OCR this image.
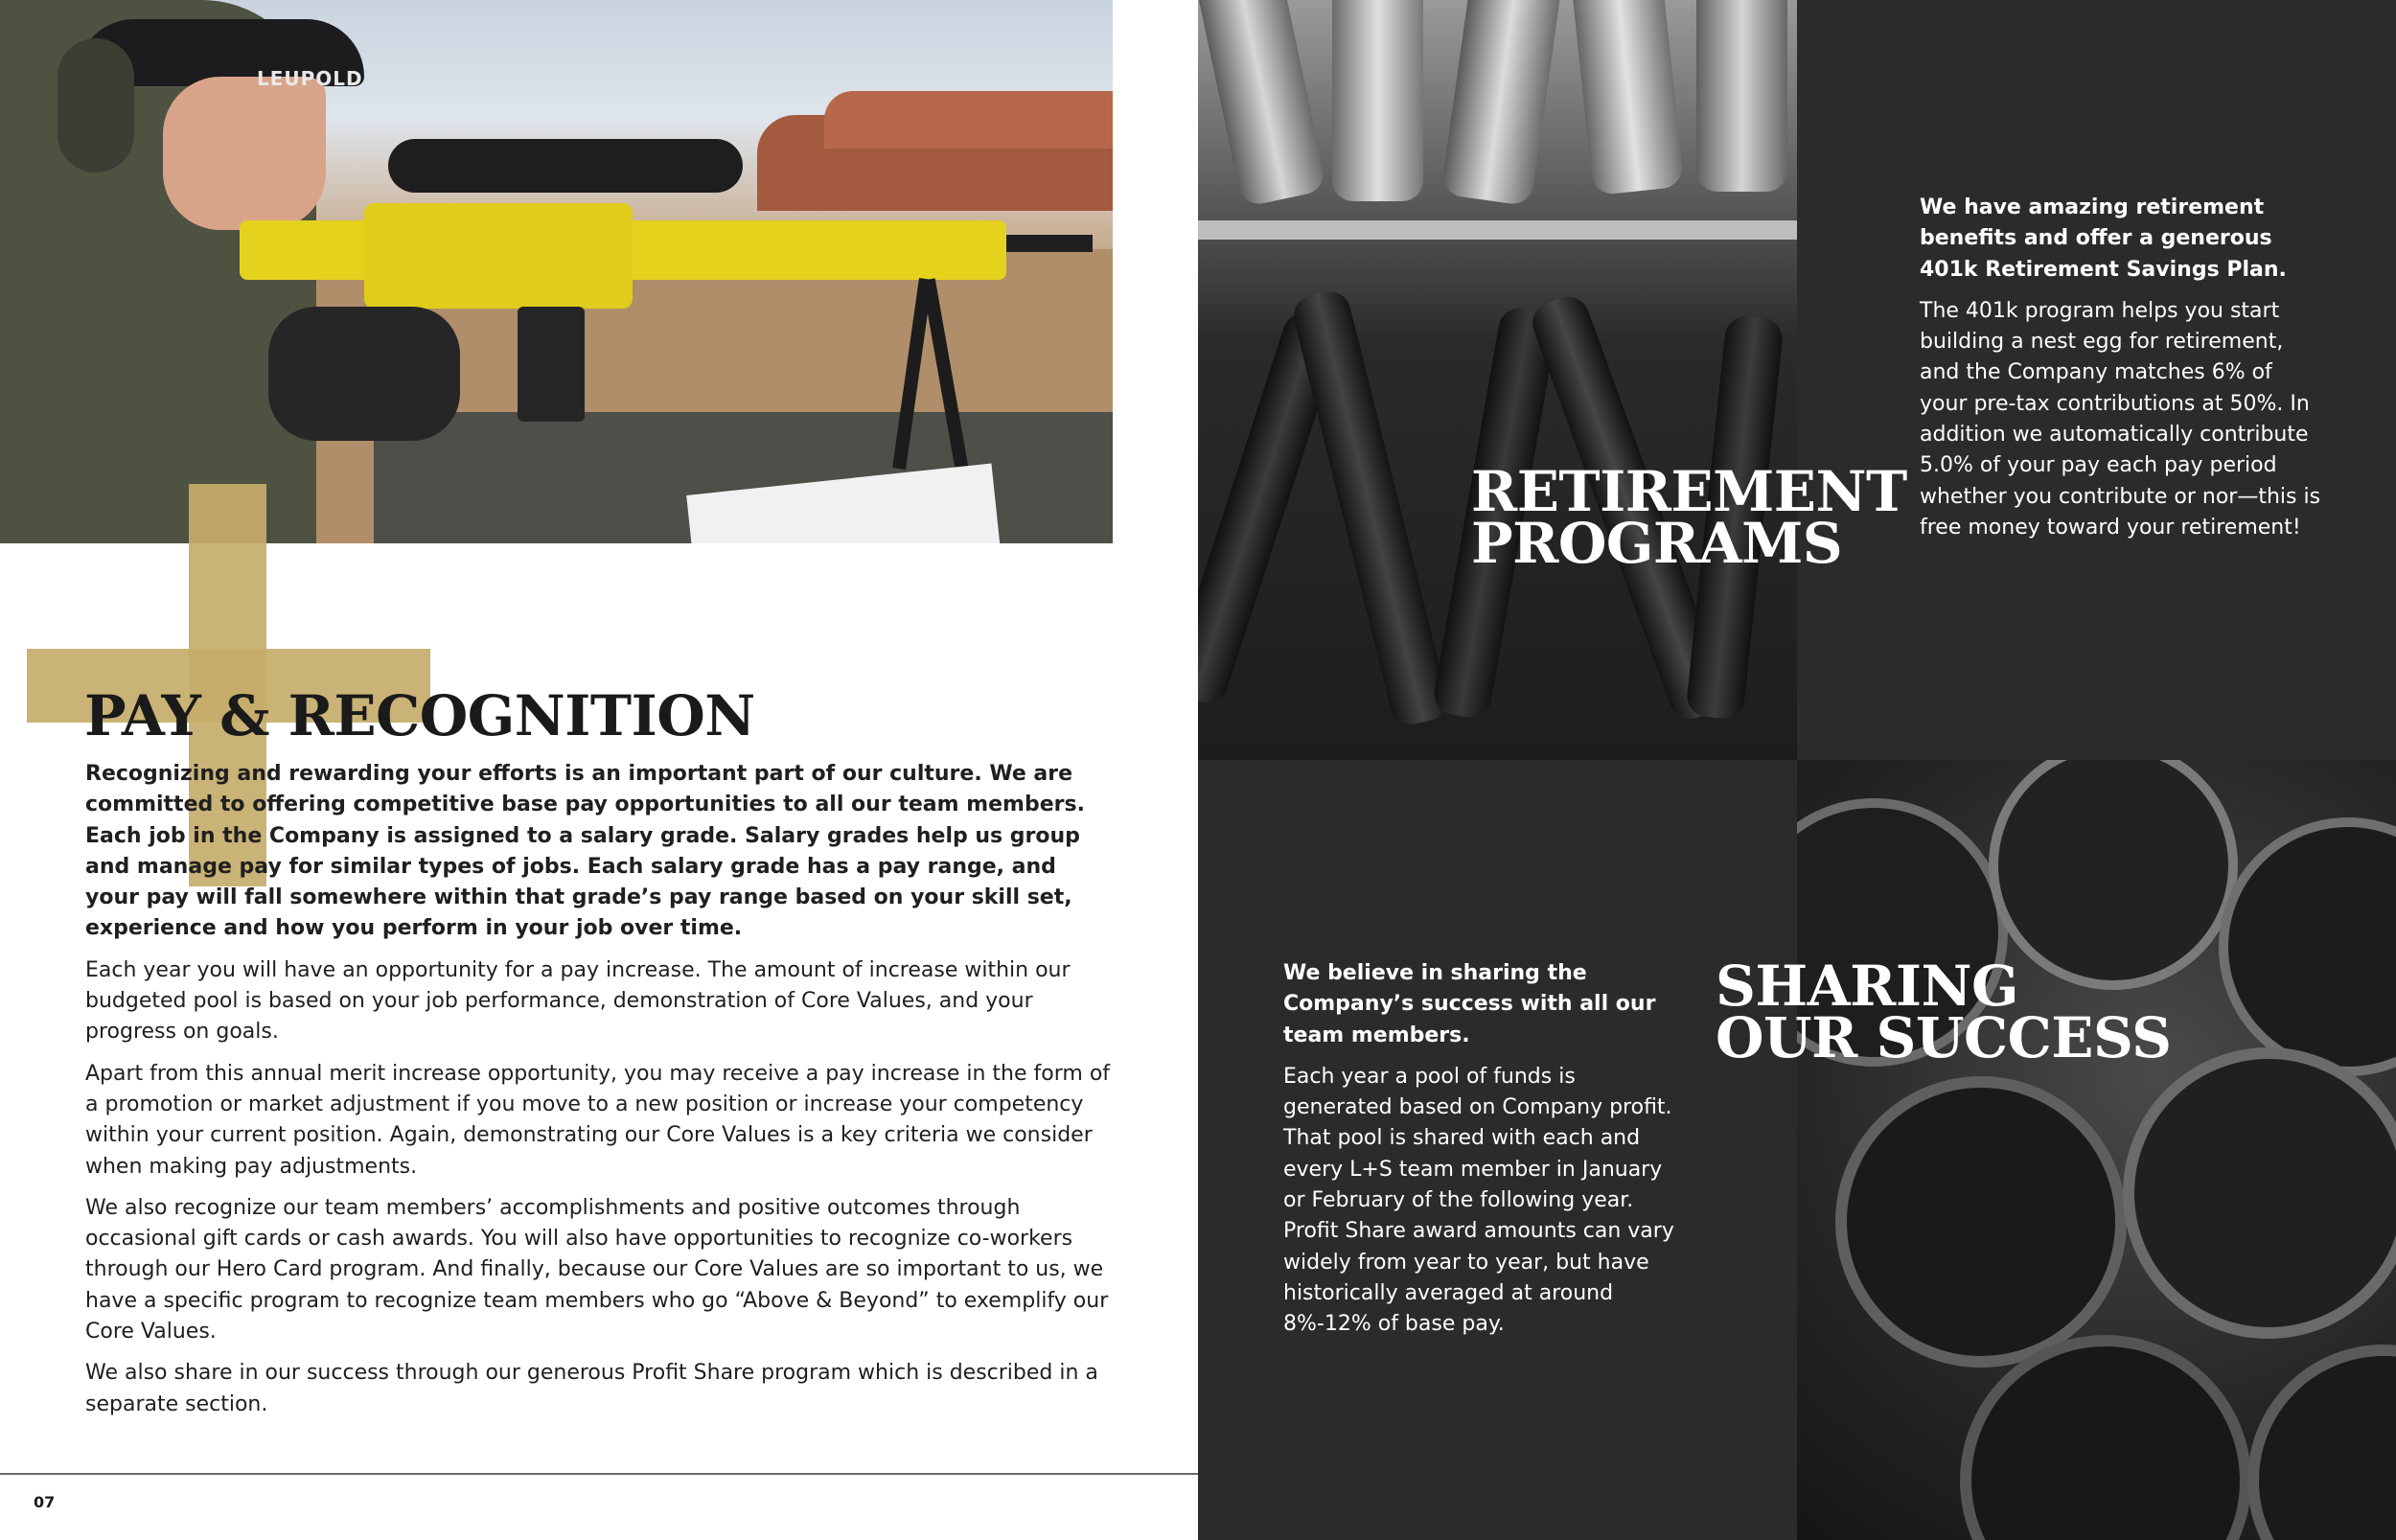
LEUPOLD
PAY & RECOGNITION

Recognizing and rewarding your efforts is an important part of our culture. We are committed to offering competitive base pay opportunities to all our team members. Each job in the Company is assigned to a salary grade. Salary grades help us group and manage pay for similar types of jobs. Each salary grade has a pay range, and your pay will fall somewhere within that grade’s pay range based on your skill set, experience and how you perform in your job over time.

Each year you will have an opportunity for a pay increase. The amount of increase within our budgeted pool is based on your job performance, demonstration of Core Values, and your progress on goals.

Apart from this annual merit increase opportunity, you may receive a pay increase in the form of a promotion or market adjustment if you move to a new position or increase your competency within your current position. Again, demonstrating our Core Values is a key criteria we consider when making pay adjustments.

We also recognize our team members’ accomplishments and positive outcomes through occasional gift cards or cash awards. You will also have opportunities to recognize co-workers through our Hero Card program. And finally, because our Core Values are so important to us, we have a specific program to recognize team members who go “Above & Beyond” to exemplify our Core Values.

We also share in our success through our generous Profit Share program which is described in a separate section.

07
RETIREMENT
PROGRAMS

We have amazing retirement benefits and offer a generous 401k Retirement Savings Plan.

The 401k program helps you start building a nest egg for retirement, and the Company matches 6% of your pre-tax contributions at 50%. In addition we automatically contribute 5.0% of your pay each pay period whether you contribute or nor—this is free money toward your retirement!

SHARING
OUR SUCCESS

We believe in sharing the Company’s success with all our team members.

Each year a pool of funds is generated based on Company profit. That pool is shared with each and every L+S team member in January or February of the following year. Profit Share award amounts can vary widely from year to year, but have historically averaged at around 8%-12% of base pay.
